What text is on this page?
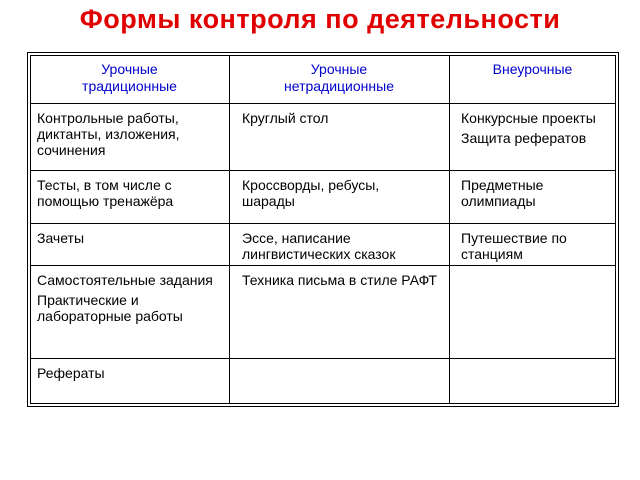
Формы контроля по деятельности
Урочные
традиционные
Урочные
нетрадиционные
Внеурочные

Контрольные работы, диктанты, изложения, сочинения

Тесты, в том числе с помощью тренажёра

Зачеты

Самостоятельные задания

Практические и лабораторные работы

Рефераты

Круглый стол

Кроссворды, ребусы, шарады

Эссе, написание лингвистических сказок

Техника письма в стиле РАФТ

Конкурсные проекты

Защита рефератов

Предметные олимпиады

Путешествие по станциям
